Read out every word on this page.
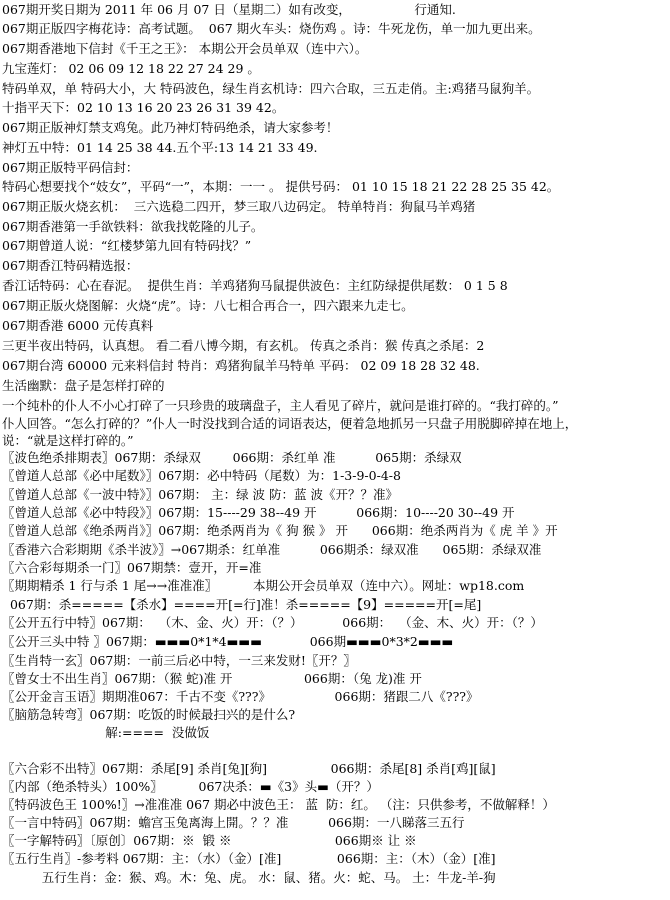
067期开奖日期为 2011 年 06 月 07 日（星期二）如有改变，                行通知.
067期正版四字梅花诗：高考试题。  067 期火车头：烧伤鸡 。诗：牛死龙伤，单一加九更出来。
067期香港地下信封《千王之王》： 本期公开会员单双（连中六）。
九宝莲灯： 02 06 09 12 18 22 27 24 29 。
特码单双，单 特码大小，大 特码波色，绿生肖玄机诗：四六合取，三五走俏。主:鸡猪马鼠狗羊。
十指平天下：02 10 13 16 20 23 26 31 39 42。
067期正版神灯禁支鸡兔。此乃神灯特码绝杀，请大家参考！
神灯五中特：01 14 25 38 44.五个平:13 14 21 33 49.
067期正版特平码信封：
特码心想要找个“妓女”，平码“一”，本期：一一 。 提供号码： 01 10 15 18 21 22 28 25 35 42。
067期正版火烧玄机：  三六选稳二四开，梦三取八边码定。 特单特肖：狗鼠马羊鸡猪
067期香港第一手欲铁料：欲我找乾隆的儿子。
067期曾道人说：“红楼梦第九回有特码找？”
067期香江特码精选报：
香江话特码：心在春泥。  提供生肖：羊鸡猪狗马鼠提供波色：主红防绿提供尾数： 0 1 5 8
067期正版火烧图解：火烧“虎”。诗：八七相合再合一，四六跟来九走七。
067期香港 6000 元传真料
三更半夜出特码，认真想。 看二看八博今期，有玄机。 传真之杀肖：猴 传真之杀尾：2
067期台湾 60000 元来料信封 特肖：鸡猪狗鼠羊马特单 平码： 02 09 18 28 32 48.
生活幽默：盘子是怎样打碎的
一个纯朴的仆人不小心打碎了一只珍贵的玻璃盘子，主人看见了碎片，就问是谁打碎的。“我打碎的。”
仆人回答。“怎么打碎的？”仆人一时没找到合适的词语表达，便着急地抓另一只盘子用脱脚碎掉在地上，
说：“就是这样打碎的。”
〖波色绝杀排期表〗067期：杀绿双        066期：杀红单 准          065期：杀绿双
〖曾道人总部《必中尾数》〗067期：必中特码（尾数）为：1-3-9-0-4-8
〖曾道人总部《一波中特》〗067期： 主：绿 波 防：蓝 波《开？？准》
〖曾道人总部《必中特段》〗067期：15----29 38--49 开          066期：10----20 30--49 开
〖曾道人总部《绝杀两肖》〗067期：绝杀两肖为《 狗 猴 》 开      066期：绝杀两肖为《 虎 羊 》开
〖香港六合彩期期《杀半波》〗→067期杀：红单准          066期杀：绿双准      065期：杀绿双准
〖六合彩每期杀一门〗067期禁：壹开，开=准
〖期期精杀 1 行与杀 1 尾→→准准准〗         本期公开会员单双（连中六）。网址：wp18.com
067期：杀=====【杀水】====开[=行]准！杀=====【9】=====开[=尾]
〖公开五行中特〗067期：  （木、金、火）开：（？）          066期：  （金、木、火）开：（？）
〖公开三头中特 〗067期：▬▬▬0*1*4▬▬▬            066期▬▬▬0*3*2▬▬▬
〖生肖特一玄〗067期：一前三后必中特，一三来发财!〖开？〗
〖曾女士不出生肖〗067期：（猴 蛇)准 开                  066期：（兔 龙)准 开
〖公开金言玉语〗期期准067：千古不变《???》                066期：猪跟二八《???》
〖脑筋急转弯〗067期：吃饭的时候最扫兴的是什么?
解:====  没做饭
〖六合彩不出特〗067期：杀尾[9] 杀肖[兔][狗]                066期：杀尾[8] 杀肖[鸡][鼠]
〖内部（绝杀特头）100%〗         067决杀：▬《3》头▬（开？）
〖特码波色王 100%!〗→准准准 067 期必中波色王： 蓝  防：红。 （注：只供参考，不做解释！）
〖一言中特码〗067期：蟾宫玉兔离海上開。？？准          066期：一八睇落三五行
〖一字解特码〗〔原创〕067期：※  锻 ※                          066期※ 让 ※
〖五行生肖〗-参考料 067期：主：（水）（金）[准]              066期：主：（木）（金）[准]
五行生肖：金：猴、鸡。木：兔、虎。 水：鼠、猪。火：蛇、马。 土：牛龙-羊-狗
